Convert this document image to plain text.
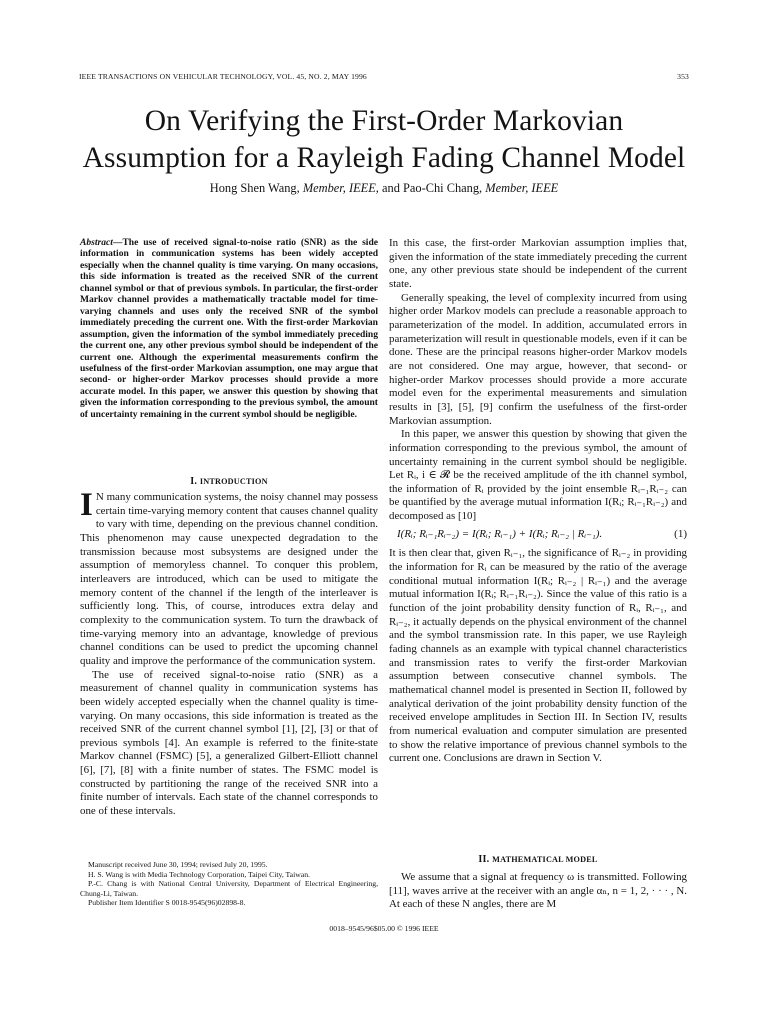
IEEE TRANSACTIONS ON VEHICULAR TECHNOLOGY, VOL. 45, NO. 2, MAY 1996	353
On Verifying the First-Order Markovian
Assumption for a Rayleigh Fading Channel Model
Hong Shen Wang, Member, IEEE, and Pao-Chi Chang, Member, IEEE

Abstract—The use of received signal-to-noise ratio (SNR) as the side information in communication systems has been widely accepted especially when the channel quality is time varying. On many occasions, this side information is treated as the received SNR of the current channel symbol or that of previous symbols. In particular, the first-order Markov channel provides a mathematically tractable model for time-varying channels and uses only the received SNR of the symbol immediately preceding the current one. With the first-order Markovian assumption, given the information of the symbol immediately preceding the current one, any other previous symbol should be independent of the current one. Although the experimental measurements confirm the usefulness of the first-order Markovian assumption, one may argue that second- or higher-order Markov processes should provide a more accurate model. In this paper, we answer this question by showing that given the information corresponding to the previous symbol, the amount of uncertainty remaining in the current symbol should be negligible.

I. INTRODUCTION

I N many communication systems, the noisy channel may possess certain time-varying memory content that causes channel quality to vary with time, depending on the previous channel condition. This phenomenon may cause unexpected degradation to the transmission because most subsystems are designed under the assumption of memoryless channel. To conquer this problem, interleavers are introduced, which can be used to mitigate the memory content of the channel if the length of the interleaver is sufficiently long. This, of course, introduces extra delay and complexity to the communication system. To turn the drawback of time-varying memory into an advantage, knowledge of previous channel conditions can be used to predict the upcoming channel quality and improve the performance of the communication system.

The use of received signal-to-noise ratio (SNR) as a measurement of channel quality in communication systems has been widely accepted especially when the channel quality is time-varying. On many occasions, this side information is treated as the received SNR of the current channel symbol [1], [2], [3] or that of previous symbols [4]. An example is referred to the finite-state Markov channel (FSMC) [5], a generalized Gilbert-Elliott channel [6], [7], [8] with a finite number of states. The FSMC model is constructed by partitioning the range of the received SNR into a finite number of intervals. Each state of the channel corresponds to one of these intervals.

Manuscript received June 30, 1994; revised July 20, 1995.

H. S. Wang is with Media Technology Corporation, Taipei City, Taiwan.

P.-C. Chang is with National Central University, Department of Electrical Engineering, Chung-Li, Taiwan.

Publisher Item Identifier S 0018-9545(96)02898-8.

In this case, the first-order Markovian assumption implies that, given the information of the state immediately preceding the current one, any other previous state should be independent of the current state.

Generally speaking, the level of complexity incurred from using higher order Markov models can preclude a reasonable approach to parameterization of the model. In addition, accumulated errors in parameterization will result in questionable models, even if it can be done. These are the principal reasons higher-order Markov models are not considered. One may argue, however, that second- or higher-order Markov processes should provide a more accurate model even for the experimental measurements and simulation results in [3], [5], [9] confirm the usefulness of the first-order Markovian assumption.

In this paper, we answer this question by showing that given the information corresponding to the previous symbol, the amount of uncertainty remaining in the current symbol should be negligible. Let Rᵢ, i ∈ 𝓡 be the received amplitude of the ith channel symbol, the information of Rᵢ provided by the joint ensemble Rᵢ₋₁Rᵢ₋₂ can be quantified by the average mutual information I(Rᵢ; Rᵢ₋₁Rᵢ₋₂) and decomposed as [10]

I(Rᵢ; Rᵢ₋₁Rᵢ₋₂) = I(Rᵢ; Rᵢ₋₁) + I(Rᵢ; Rᵢ₋₂ | Rᵢ₋₁).	(1)

It is then clear that, given Rᵢ₋₁, the significance of Rᵢ₋₂ in providing the information for Rᵢ can be measured by the ratio of the average conditional mutual information I(Rᵢ; Rᵢ₋₂ | Rᵢ₋₁) and the average mutual information I(Rᵢ; Rᵢ₋₁Rᵢ₋₂). Since the value of this ratio is a function of the joint probability density function of Rᵢ, Rᵢ₋₁, and Rᵢ₋₂, it actually depends on the physical environment of the channel and the symbol transmission rate. In this paper, we use Rayleigh fading channels as an example with typical channel characteristics and transmission rates to verify the first-order Markovian assumption between consecutive channel symbols. The mathematical channel model is presented in Section II, followed by analytical derivation of the joint probability density function of the received envelope amplitudes in Section III. In Section IV, results from numerical evaluation and computer simulation are presented to show the relative importance of previous channel symbols to the current one. Conclusions are drawn in Section V.

II. MATHEMATICAL MODEL

We assume that a signal at frequency ω is transmitted. Following [11], waves arrive at the receiver with an angle αₙ, n = 1, 2, · · · , N. At each of these N angles, there are M

0018–9545/96$05.00 © 1996 IEEE
